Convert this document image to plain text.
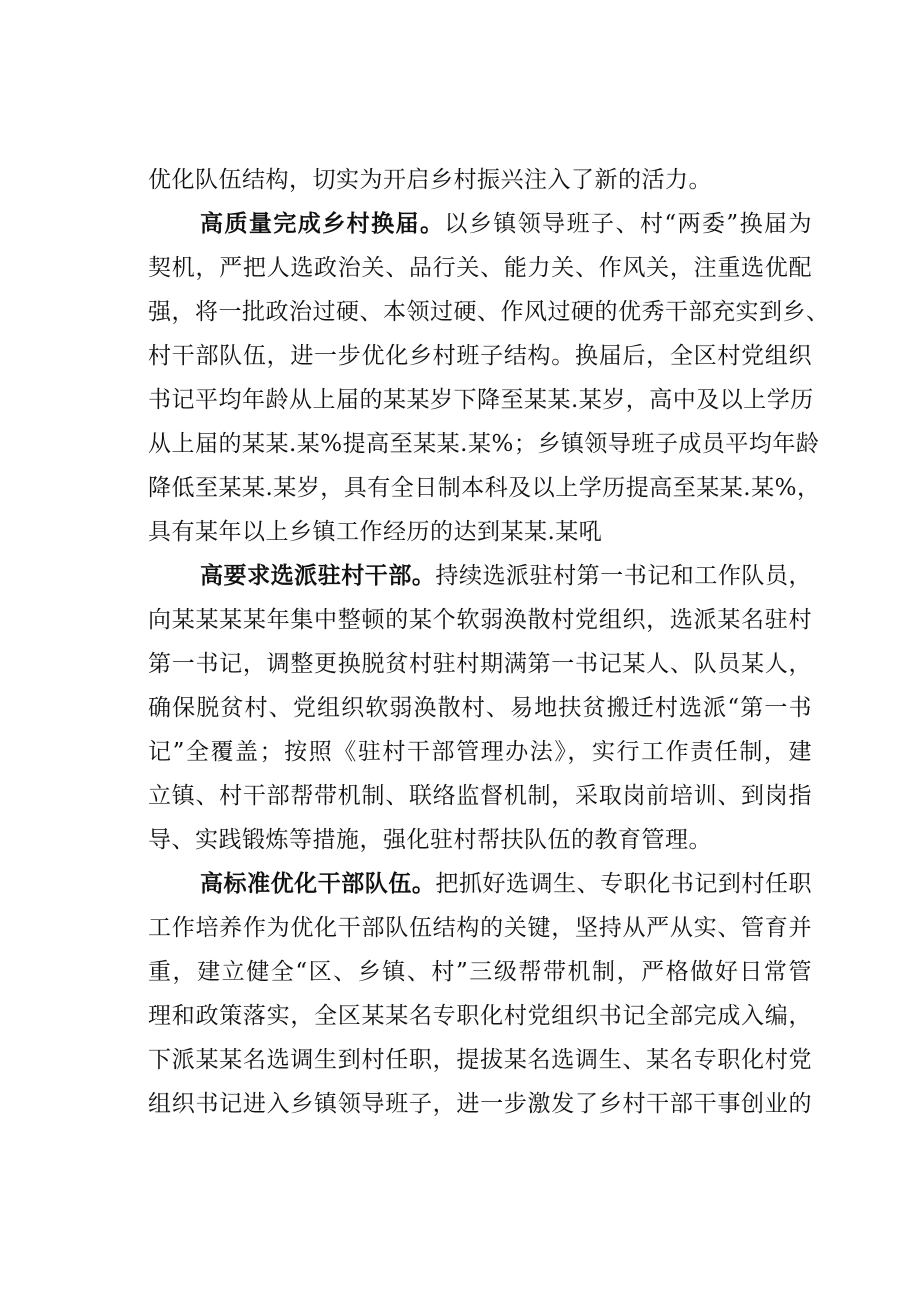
优化队伍结构，切实为开启乡村振兴注入了新的活力。
高质量完成乡村换届。以乡镇领导班子、村“两委”换届为
契机，严把人选政治关、品行关、能力关、作风关，注重选优配
强，将一批政治过硬、本领过硬、作风过硬的优秀干部充实到乡、
村干部队伍，进一步优化乡村班子结构。换届后，全区村党组织
书记平均年龄从上届的某某岁下降至某某.某岁，高中及以上学历
从上届的某某.某%提高至某某.某%；乡镇领导班子成员平均年龄
降低至某某.某岁，具有全日制本科及以上学历提高至某某.某%，
具有某年以上乡镇工作经历的达到某某.某吼
高要求选派驻村干部。持续选派驻村第一书记和工作队员，
向某某某某年集中整顿的某个软弱涣散村党组织，选派某名驻村
第一书记，调整更换脱贫村驻村期满第一书记某人、队员某人，
确保脱贫村、党组织软弱涣散村、易地扶贫搬迁村选派“第一书
记”全覆盖；按照《驻村干部管理办法》，实行工作责任制，建
立镇、村干部帮带机制、联络监督机制，采取岗前培训、到岗指
导、实践锻炼等措施，强化驻村帮扶队伍的教育管理。
高标准优化干部队伍。把抓好选调生、专职化书记到村任职
工作培养作为优化干部队伍结构的关键，坚持从严从实、管育并
重，建立健全“区、乡镇、村”三级帮带机制，严格做好日常管
理和政策落实，全区某某名专职化村党组织书记全部完成入编，
下派某某名选调生到村任职，提拔某名选调生、某名专职化村党
组织书记进入乡镇领导班子，进一步激发了乡村干部干事创业的
